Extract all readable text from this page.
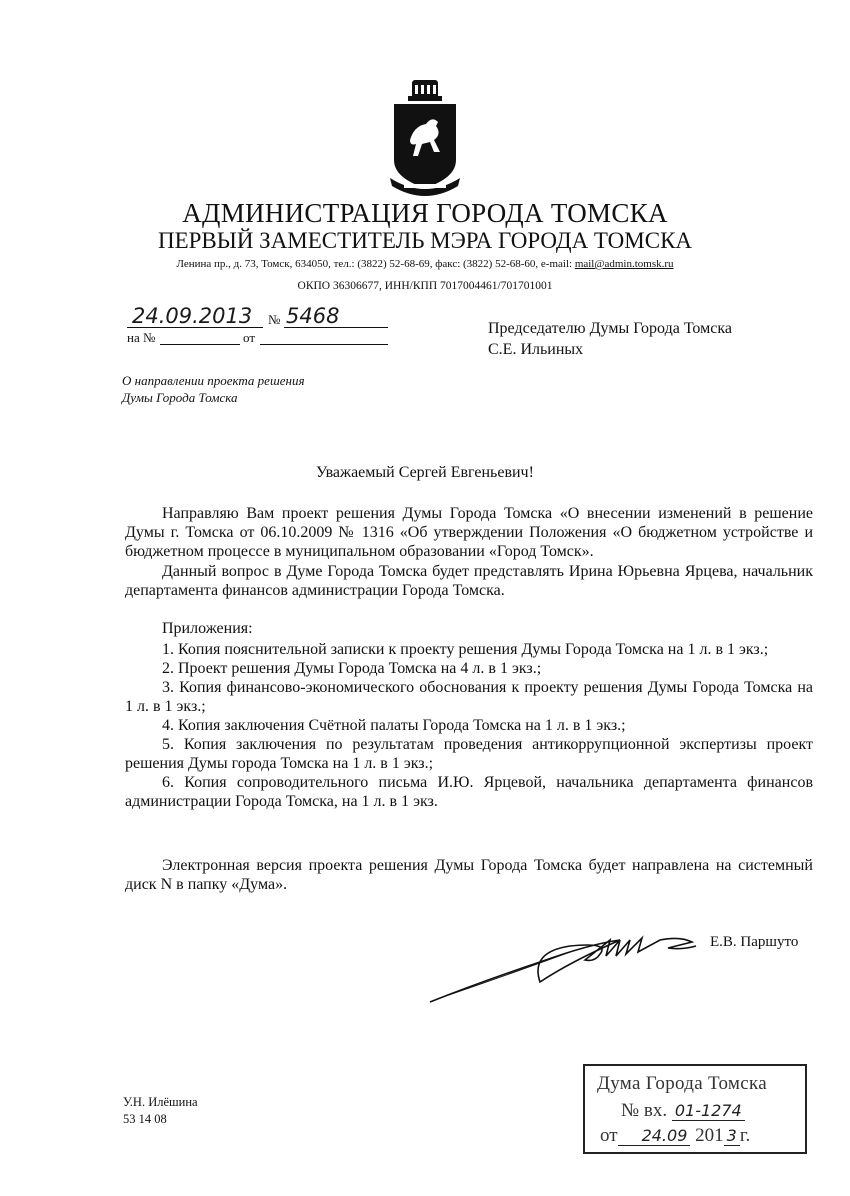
АДМИНИСТРАЦИЯ ГОРОДА ТОМСКА
ПЕРВЫЙ ЗАМЕСТИТЕЛЬ МЭРА ГОРОДА ТОМСКА
Ленина пр., д. 73, Томск, 634050, тел.: (3822) 52-68-69, факс: (3822) 52-68-60, e-mail: mail@admin.tomsk.ru
ОКПО 36306677, ИНН/КПП 7017004461/701701001
24.09.2013 № 5468
на №	от
Председателю Думы Города Томска
С.Е. Ильиных
О направлении проекта решения
Думы Города Томска
Уважаемый Сергей Евгеньевич!
Направляю Вам проект решения Думы Города Томска «О внесении изменений в решение Думы г. Томска от 06.10.2009 № 1316 «Об утверждении Положения «О бюджетном устройстве и бюджетном процессе в муниципальном образовании «Город Томск».
Данный вопрос в Думе Города Томска будет представлять Ирина Юрьевна Ярцева, начальник департамента финансов администрации Города Томска.
Приложения:

1. Копия пояснительной записки к проекту решения Думы Города Томска на 1 л. в 1 экз.;

2. Проект решения Думы Города Томска на 4 л. в 1 экз.;

3. Копия финансово-экономического обоснования к проекту решения Думы Города Томска на 1 л. в 1 экз.;

4. Копия заключения Счётной палаты Города Томска на 1 л. в 1 экз.;

5. Копия заключения по результатам проведения антикоррупционной экспертизы проект решения Думы города Томска на 1 л. в 1 экз.;

6. Копия сопроводительного письма И.Ю. Ярцевой, начальника департамента финансов администрации Города Томска, на 1 л. в 1 экз.

Электронная версия проекта решения Думы Города Томска будет направлена на системный диск N в папку «Дума».
Е.В. Паршуто
У.Н. Илёшина
53 14 08
Дума Города Томска
№ вх. 01-1274
от 24.09 201 3 г.
